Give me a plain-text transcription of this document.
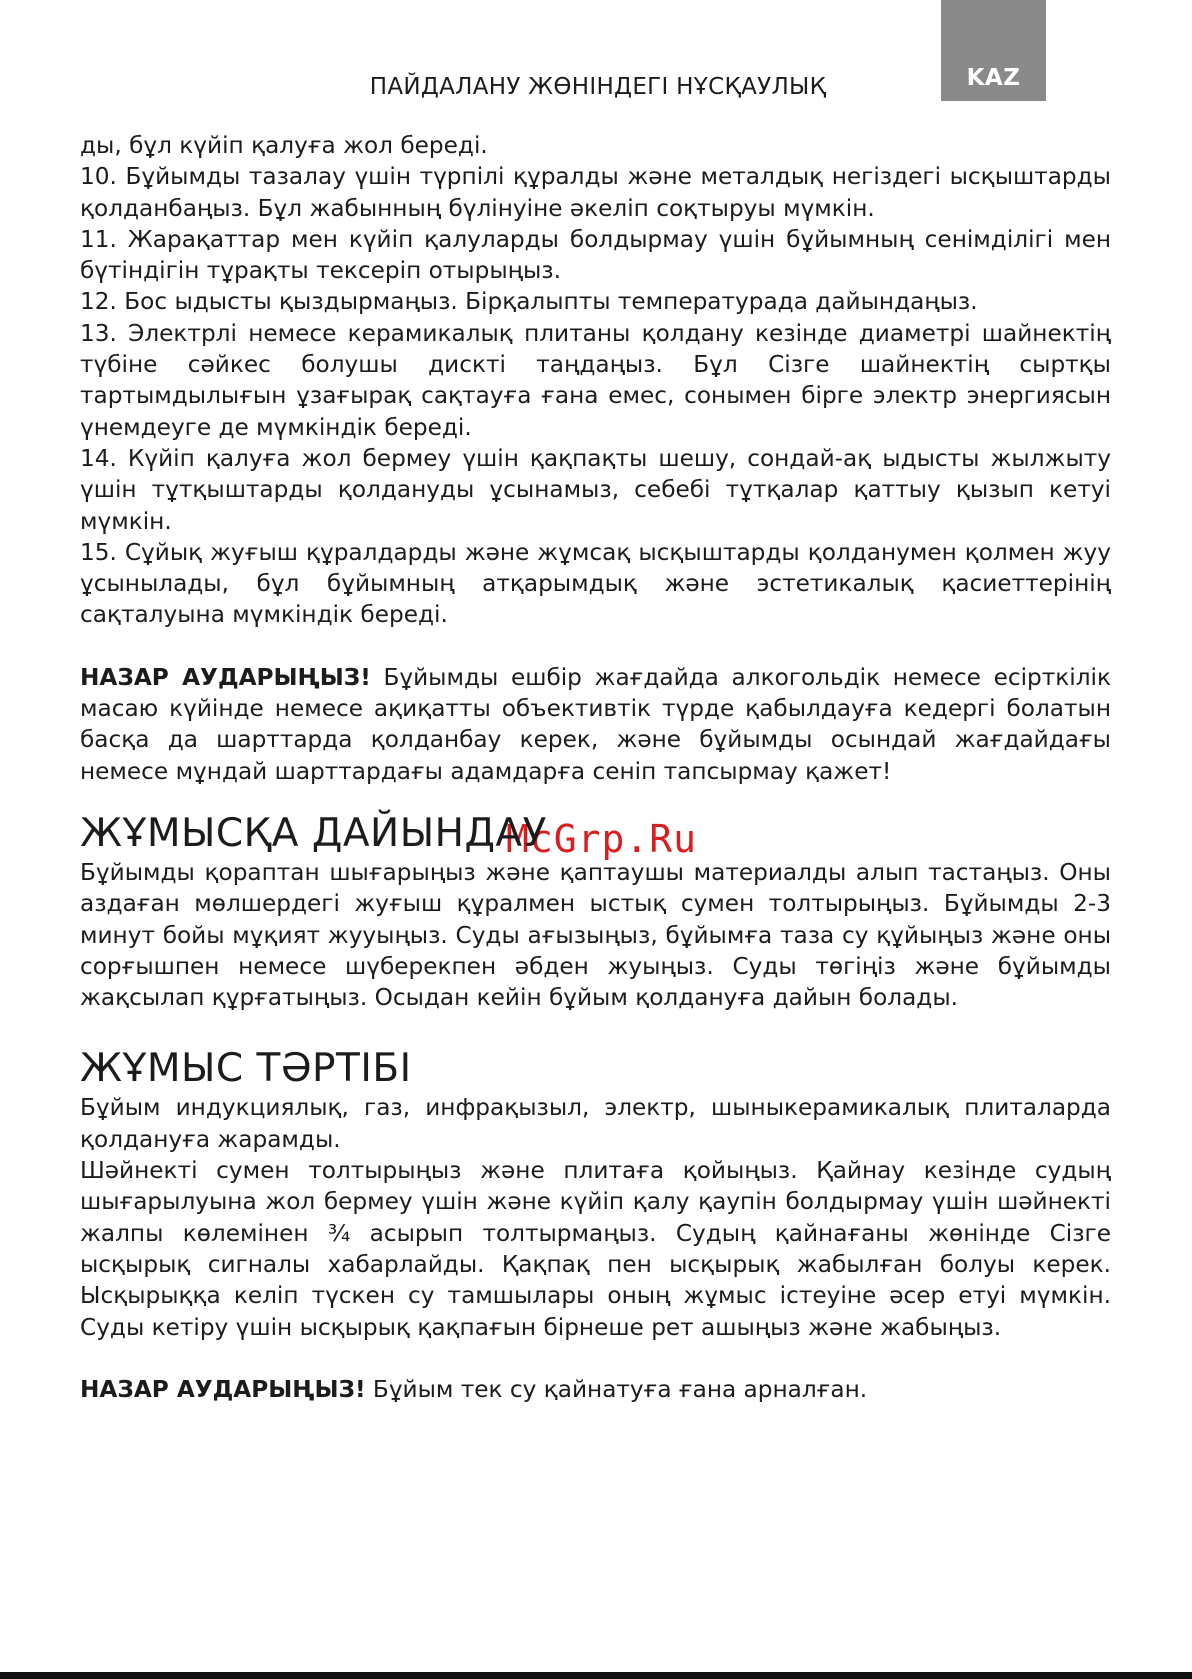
KAZ
ПАЙДАЛАНУ ЖӨНІНДЕГІ НҰСҚАУЛЫҚ
McGrp.Ru

ды, бұл күйіп қалуға жол береді.

10. Бұйымды тазалау үшін түрпілі құралды және металдық негіздегі ысқыштарды қолданбаңыз. Бұл жабынның бүлінуіне әкеліп соқтыруы мүмкін.

11. Жарақаттар мен күйіп қалуларды болдырмау үшін бұйымның сенімділігі мен бүтіндігін тұрақты тексеріп отырыңыз.

12. Бос ыдысты қыздырмаңыз. Бірқалыпты температурада дайындаңыз.

13. Электрлі немесе керамикалық плитаны қолдану кезінде диаметрі шайнектің түбіне сәйкес болушы дискті таңдаңыз. Бұл Сізге шайнектің сыртқы тартымдылығын ұзағырақ сақтауға ғана емес, сонымен бірге электр энергиясын үнемдеуге де мүмкіндік береді.

14. Күйіп қалуға жол бермеу үшін қақпақты шешу, сондай-ақ ыдысты жылжыту үшін тұтқыштарды қолдануды ұсынамыз, себебі тұтқалар қаттыу қызып кетуі мүмкін.

15. Сұйық жуғыш құралдарды және жұмсақ ысқыштарды қолданумен қолмен жуу ұсынылады, бұл бұйымның атқарымдық және эстетикалық қасиеттерінің сақталуына мүмкіндік береді.

НАЗАР АУДАРЫҢЫЗ! Бұйымды ешбір жағдайда алкогольдік немесе есірткілік масаю күйінде немесе ақиқатты объективтік түрде қабылдауға кедергі болатын басқа да шарттарда қолданбау керек, және бұйымды осындай жағдайдағы немесе мұндай шарттардағы адамдарға сеніп тапсырмау қажет!

ЖҰМЫСҚА ДАЙЫНДАУ

Бұйымды қораптан шығарыңыз және қаптаушы материалды алып тастаңыз. Оны аздаған мөлшердегі жуғыш құралмен ыстық сумен толтырыңыз. Бұйымды 2-3 минут бойы мұқият жууыңыз. Суды ағызыңыз, бұйымға таза су құйыңыз және оны сорғышпен немесе шүберекпен әбден жуыңыз. Суды төгіңіз және бұйымды жақсылап құрғатыңыз. Осыдан кейін бұйым қолдануға дайын болады.

ЖҰМЫС ТӘРТІБІ

Бұйым индукциялық, газ, инфрақызыл, электр, шыныкерамикалық плиталарда қолдануға жарамды.

Шәйнекті сумен толтырыңыз және плитаға қойыңыз. Қайнау кезінде судың шығарылуына жол бермеу үшін және күйіп қалу қаупін болдырмау үшін шәйнекті жалпы көлемінен ¾ асырып толтырмаңыз. Судың қайнағаны жөнінде Сізге ысқырық сигналы хабарлайды. Қақпақ пен ысқырық жабылған болуы керек. Ысқырыққа келіп түскен су тамшылары оның жұмыс істеуіне әсер етуі мүмкін. Суды кетіру үшін ысқырық қақпағын бірнеше рет ашыңыз және жабыңыз.

НАЗАР АУДАРЫҢЫЗ! Бұйым тек су қайнатуға ғана арналған.
